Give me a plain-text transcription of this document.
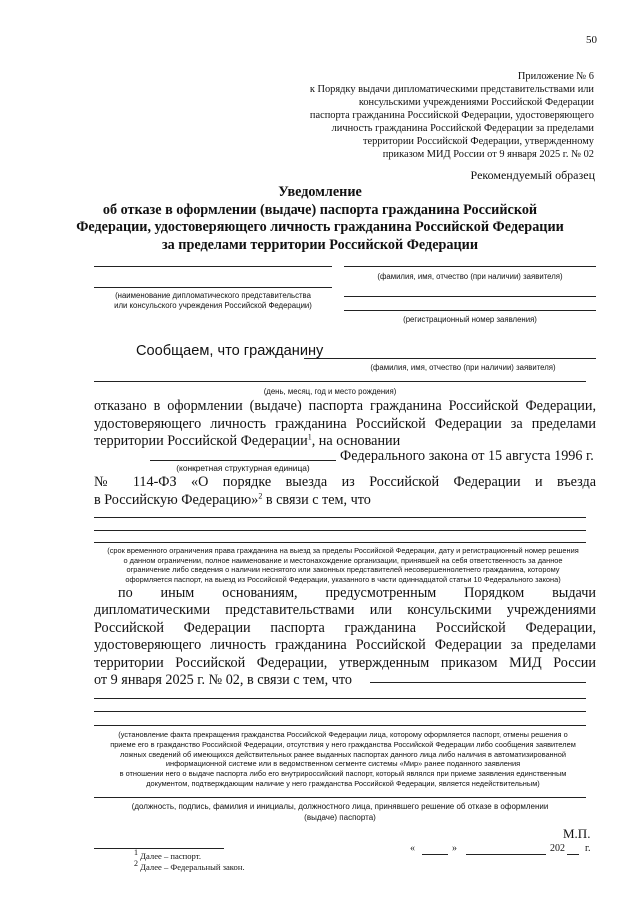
50
Приложение № 6
к Порядку выдачи дипломатическими представительствами или
консульскими учреждениями Российской Федерации
паспорта гражданина Российской Федерации, удостоверяющего
личность гражданина Российской Федерации за пределами
территории Российской Федерации, утвержденному
приказом МИД России от 9 января 2025 г. № 02
Рекомендуемый образец
Уведомление
об отказе в оформлении (выдаче) паспорта гражданина Российской
Федерации, удостоверяющего личность гражданина Российской Федерации
за пределами территории Российской Федерации
(фамилия, имя, отчество (при наличии) заявителя)
(наименование дипломатического представительства
или консульского учреждения Российской Федерации)
(регистрационный номер заявления)
Сообщаем, что гражданину
(фамилия, имя, отчество (при наличии) заявителя)
(день, месяц, год и место рождения)
отказано в оформлении (выдаче) паспорта гражданина Российской Федерации,
удостоверяющего личность гражданина Российской Федерации за пределами
территории Российской Федерации$^1$, на основании
Федерального закона от 15 августа 1996 г.
(конкретная структурная единица)
№ 114-ФЗ «О порядке выезда из Российской Федерации и въезда
в Российскую Федерацию»$^2$ в связи с тем, что
(срок временного ограничения права гражданина на выезд за пределы Российской Федерации, дату и регистрационный номер решения
о данном ограничении, полное наименование и местонахождение организации, принявшей на себя ответственность за данное
ограничение либо сведения о наличии неснятого или законных представителей несовершеннолетнего гражданина, которому
оформляется паспорт, на выезд из Российской Федерации, указанного в части одиннадцатой статьи 10 Федерального закона)
по иным основаниям, предусмотренным Порядком выдачи
дипломатическими представительствами или консульскими учреждениями
Российской Федерации паспорта гражданина Российской Федерации,
удостоверяющего личность гражданина Российской Федерации за пределами
территории Российской Федерации, утвержденным приказом МИД России
от 9 января 2025 г. № 02, в связи с тем, что
(установление факта прекращения гражданства Российской Федерации лица, которому оформляется паспорт, отмены решения о
приеме его в гражданство Российской Федерации, отсутствия у него гражданства Российской Федерации либо сообщения заявителем
ложных сведений об имеющихся действительных ранее выданных паспортах данного лица либо наличия в автоматизированной
информационной системе или в ведомственном сегменте системы «Мир» ранее поданного заявления
в отношении него о выдаче паспорта либо его внутрироссийский паспорт, который являлся при приеме заявления единственным
документом, подтверждающим наличие у него гражданства Российской Федерации, является недействительным)
(должность, подпись, фамилия и инициалы, должностного лица, принявшего решение об отказе в оформлении
(выдаче) паспорта)
М.П.
«	»	202 г.
$^1$ Далее – паспорт.
$^2$ Далее – Федеральный закон.
